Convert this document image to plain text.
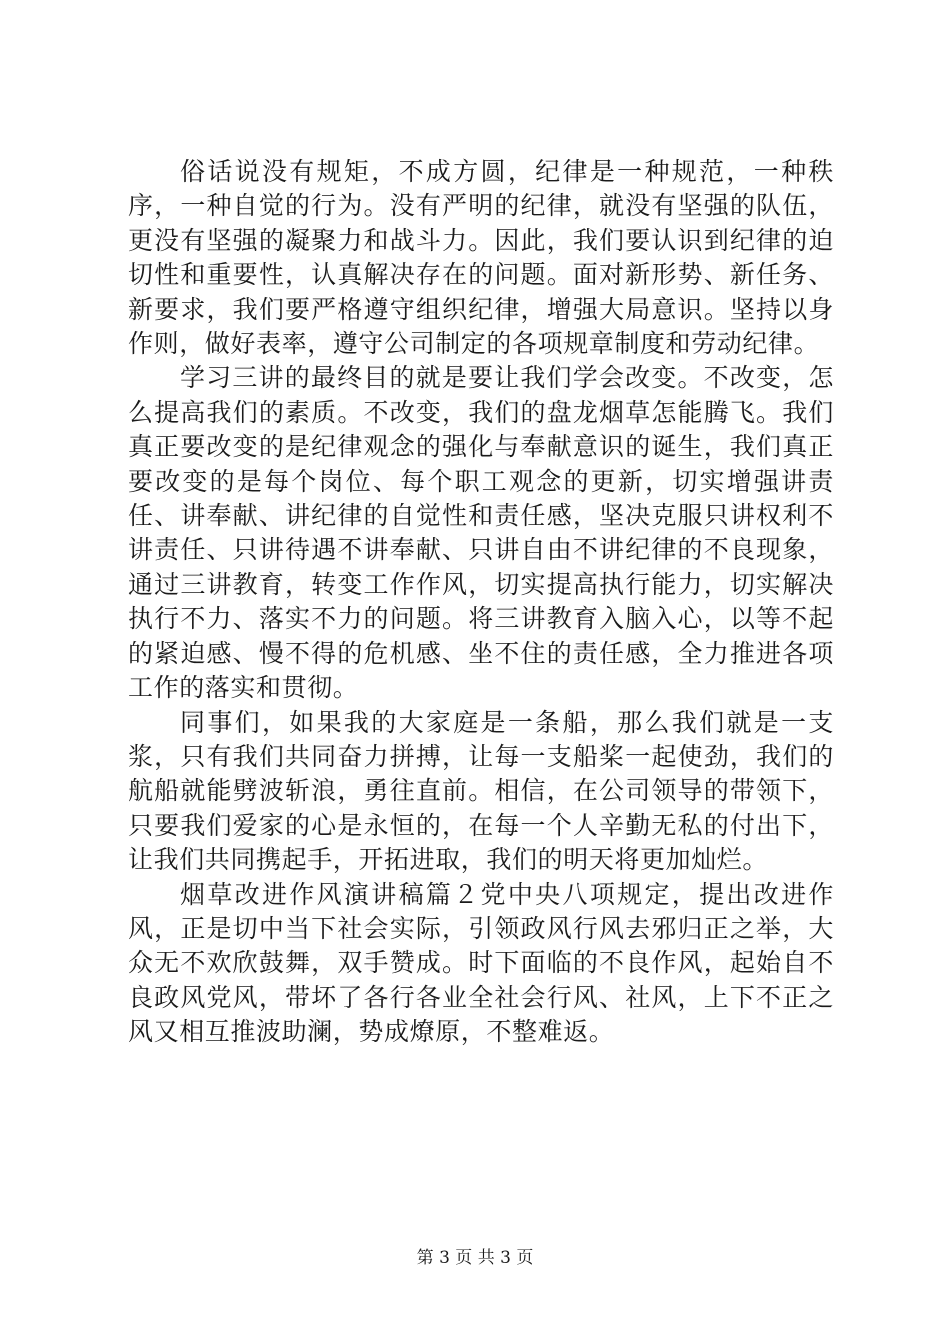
俗话说没有规矩，不成方圆，纪律是一种规范，一种秩序，一种自觉的行为。没有严明的纪律，就没有坚强的队伍，更没有坚强的凝聚力和战斗力。因此，我们要认识到纪律的迫切性和重要性，认真解决存在的问题。面对新形势、新任务、新要求，我们要严格遵守组织纪律，增强大局意识。坚持以身作则，做好表率，遵守公司制定的各项规章制度和劳动纪律。

学习三讲的最终目的就是要让我们学会改变。不改变，怎么提高我们的素质。不改变，我们的盘龙烟草怎能腾飞。我们真正要改变的是纪律观念的强化与奉献意识的诞生，我们真正要改变的是每个岗位、每个职工观念的更新，切实增强讲责任、讲奉献、讲纪律的自觉性和责任感，坚决克服只讲权利不讲责任、只讲待遇不讲奉献、只讲自由不讲纪律的不良现象，通过三讲教育，转变工作作风，切实提高执行能力，切实解决执行不力、落实不力的问题。将三讲教育入脑入心，以等不起的紧迫感、慢不得的危机感、坐不住的责任感，全力推进各项工作的落实和贯彻。

同事们，如果我的大家庭是一条船，那么我们就是一支浆，只有我们共同奋力拼搏，让每一支船桨一起使劲，我们的航船就能劈波斩浪，勇往直前。相信，在公司领导的带领下，只要我们爱家的心是永恒的，在每一个人辛勤无私的付出下，让我们共同携起手，开拓进取，我们的明天将更加灿烂。

烟草改进作风演讲稿篇２党中央八项规定，提出改进作风，正是切中当下社会实际，引领政风行风去邪归正之举，大众无不欢欣鼓舞，双手赞成。时下面临的不良作风，起始自不良政风党风，带坏了各行各业全社会行风、社风，上下不正之风又相互推波助澜，势成燎原，不整难返。

第 3 页 共 3 页
